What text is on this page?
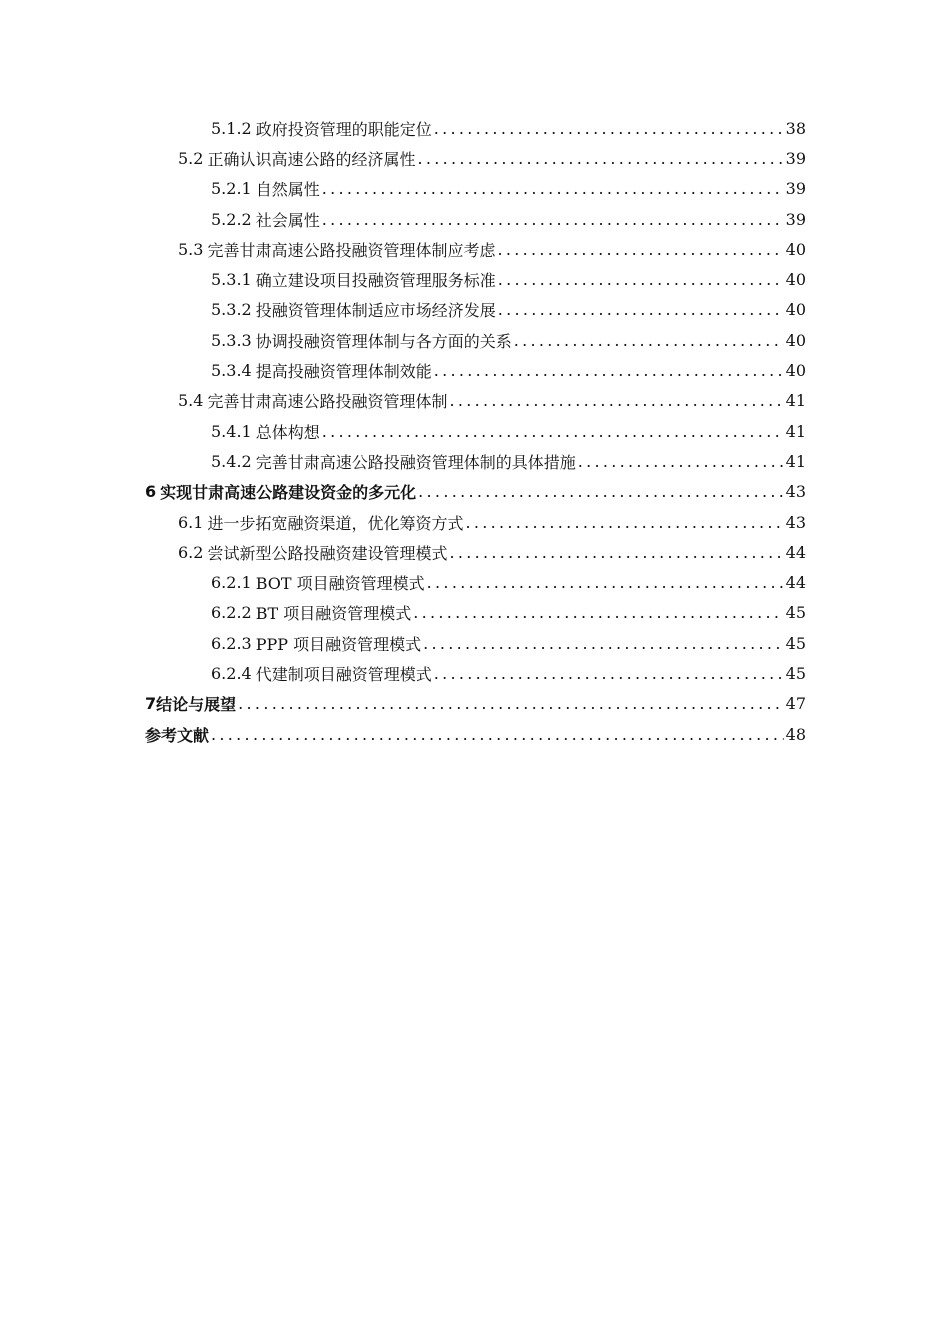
5.1.2 政府投资管理的职能定位 .....	38
5.2 正确认识高速公路的经济属性 .....	39
5.2.1 自然属性 .....	39
5.2.2 社会属性 .....	39
5.3 完善甘肃高速公路投融资管理体制应考虑 .....	40
5.3.1 确立建设项目投融资管理服务标准 .....	40
5.3.2 投融资管理体制适应市场经济发展 .....	40
5.3.3 协调投融资管理体制与各方面的关系 .....	40
5.3.4 提高投融资管理体制效能 .....	40
5.4 完善甘肃高速公路投融资管理体制 .....	41
5.4.1 总体构想 .....	41
5.4.2 完善甘肃高速公路投融资管理体制的具体措施 .....	41
6 实现甘肃高速公路建设资金的多元化 .....	43
6.1 进一步拓宽融资渠道，优化筹资方式 .....	43
6.2 尝试新型公路投融资建设管理模式 .....	44
6.2.1 BOT 项目融资管理模式 .....	44
6.2.2 BT 项目融资管理模式 .....	45
6.2.3 PPP 项目融资管理模式 .....	45
6.2.4 代建制项目融资管理模式 .....	45
7 结论与展望 .....	47
参考文献 .....	48
